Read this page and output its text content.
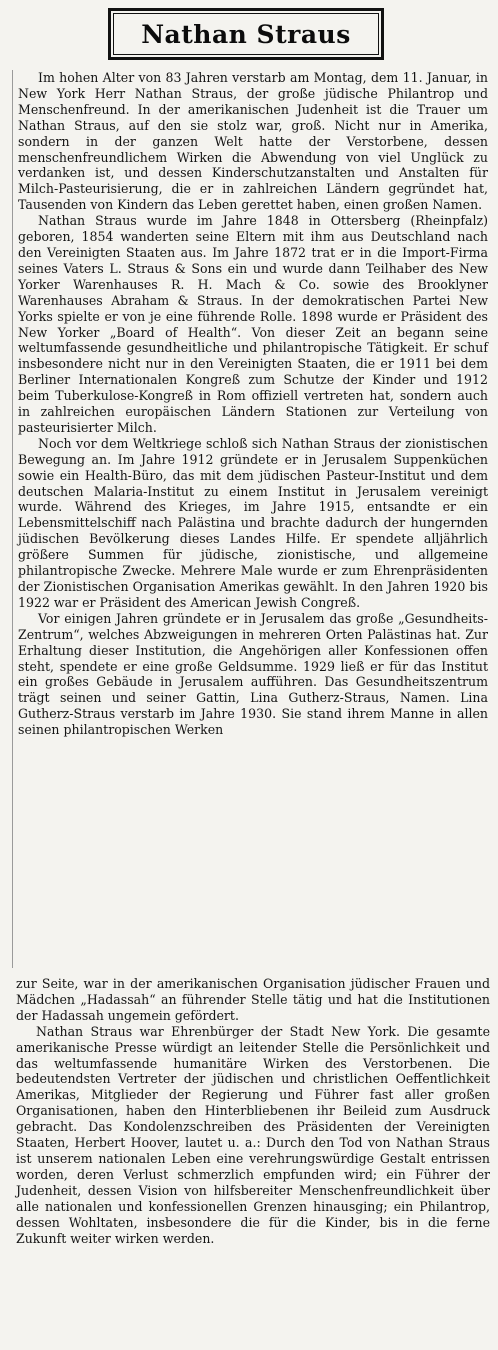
Nathan Straus

Im hohen Alter von 83 Jahren verstarb am Montag, dem 11. Januar, in New York Herr Nathan Straus, der große jüdische Philantrop und Menschenfreund. In der amerikanischen Judenheit ist die Trauer um Nathan Straus, auf den sie stolz war, groß. Nicht nur in Amerika, sondern in der ganzen Welt hatte der Verstorbene, dessen menschenfreundlichem Wirken die Abwendung von viel Unglück zu verdanken ist, und dessen Kinderschutzanstalten und Anstalten für Milch-Pasteurisierung, die er in zahlreichen Ländern gegründet hat, Tausenden von Kindern das Leben gerettet haben, einen großen Namen.

Nathan Straus wurde im Jahre 1848 in Ottersberg (Rheinpfalz) geboren, 1854 wanderten seine Eltern mit ihm aus Deutschland nach den Vereinigten Staaten aus. Im Jahre 1872 trat er in die Import-Firma seines Vaters L. Straus & Sons ein und wurde dann Teilhaber des New Yorker Warenhauses R. H. Mach & Co. sowie des Brooklyner Warenhauses Abraham & Straus. In der demokratischen Partei New Yorks spielte er von je eine führende Rolle. 1898 wurde er Präsident des New Yorker „Board of Health“. Von dieser Zeit an begann seine weltumfassende gesundheitliche und philantropische Tätigkeit. Er schuf insbesondere nicht nur in den Vereinigten Staaten, die er 1911 bei dem Berliner Internationalen Kongreß zum Schutze der Kinder und 1912 beim Tuberkulose-Kongreß in Rom offiziell vertreten hat, sondern auch in zahlreichen europäischen Ländern Stationen zur Verteilung von pasteurisierter Milch.

Noch vor dem Weltkriege schloß sich Nathan Straus der zionistischen Bewegung an. Im Jahre 1912 gründete er in Jerusalem Suppenküchen sowie ein Health-Büro, das mit dem jüdischen Pasteur-Institut und dem deutschen Malaria-Institut zu einem Institut in Jerusalem vereinigt wurde. Während des Krieges, im Jahre 1915, entsandte er ein Lebensmittelschiff nach Palästina und brachte dadurch der hungernden jüdischen Bevölkerung dieses Landes Hilfe. Er spendete alljährlich größere Summen für jüdische, zionistische, und allgemeine philantropische Zwecke. Mehrere Male wurde er zum Ehrenpräsidenten der Zionistischen Organisation Amerikas gewählt. In den Jahren 1920 bis 1922 war er Präsident des American Jewish Congreß.

Vor einigen Jahren gründete er in Jerusalem das große „Gesundheits-Zentrum“, welches Abzweigungen in mehreren Orten Palästinas hat. Zur Erhaltung dieser Institution, die Angehörigen aller Konfessionen offen steht, spendete er eine große Geldsumme. 1929 ließ er für das Institut ein großes Gebäude in Jerusalem aufführen. Das Gesundheitszentrum trägt seinen und seiner Gattin, Lina Gutherz-Straus, Namen. Lina Gutherz-Straus verstarb im Jahre 1930. Sie stand ihrem Manne in allen seinen philantropischen Werken

zur Seite, war in der amerikanischen Organisation jüdischer Frauen und Mädchen „Hadassah“ an führender Stelle tätig und hat die Institutionen der Hadassah ungemein gefördert.

Nathan Straus war Ehrenbürger der Stadt New York. Die gesamte amerikanische Presse würdigt an leitender Stelle die Persönlichkeit und das weltumfassende humanitäre Wirken des Verstorbenen. Die bedeutendsten Vertreter der jüdischen und christlichen Oeffentlichkeit Amerikas, Mitglieder der Regierung und Führer fast aller großen Organisationen, haben den Hinterbliebenen ihr Beileid zum Ausdruck gebracht. Das Kondolenzschreiben des Präsidenten der Vereinigten Staaten, Herbert Hoover, lautet u. a.: Durch den Tod von Nathan Straus ist unserem nationalen Leben eine verehrungswürdige Gestalt entrissen worden, deren Verlust schmerzlich empfunden wird; ein Führer der Judenheit, dessen Vision von hilfsbereiter Menschenfreundlichkeit über alle nationalen und konfessionellen Grenzen hinausging; ein Philantrop, dessen Wohltaten, insbesondere die für die Kinder, bis in die ferne Zukunft weiter wirken werden.
